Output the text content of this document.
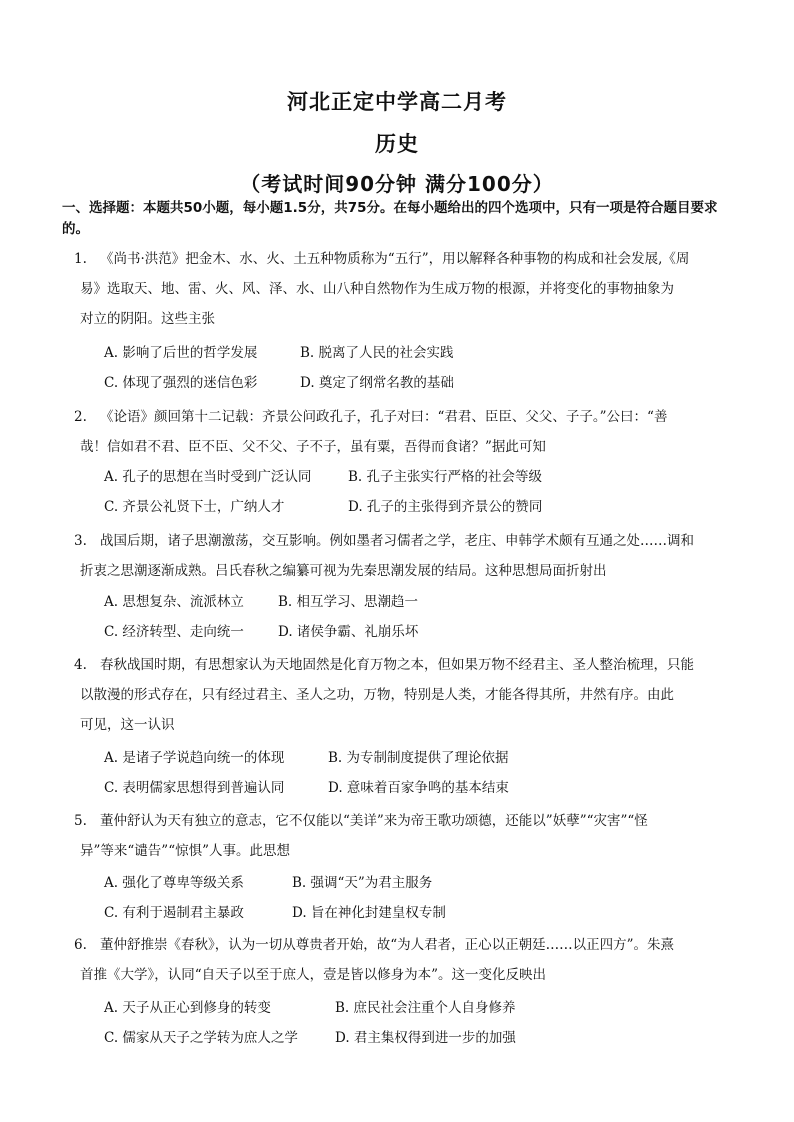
河北正定中学高二月考
历史
（考试时间90分钟 满分100分）
一、选择题：本题共50小题，每小题1.5分，共75分。在每小题给出的四个选项中，只有一项是符合题目要求的。
1. 《尚书·洪范》把金木、水、火、土五种物质称为“五行”，用以解释各种事物的构成和社会发展,《周

易》选取天、地、雷、火、风、泽、水、山八种自然物作为生成万物的根源，并将变化的事物抽象为

对立的阴阳。这些主张

A. 影响了后世的哲学发展	B. 脱离了人民的社会实践
C. 体现了强烈的迷信色彩	D. 奠定了纲常名教的基础
2. 《论语》颜回第十二记载：齐景公问政孔子，孔子对曰：“君君、臣臣、父父、子子。”公曰：“善

哉！信如君不君、臣不臣、父不父、子不子，虽有粟，吾得而食诸？”据此可知

A. 孔子的思想在当时受到广泛认同	B. 孔子主张实行严格的社会等级
C. 齐景公礼贤下士，广纳人才	D. 孔子的主张得到齐景公的赞同
3. 战国后期，诸子思潮激荡，交互影响。例如墨者习儒者之学，老庄、申韩学术颇有互通之处……调和

折衷之思潮逐渐成熟。吕氏春秋之编纂可视为先秦思潮发展的结局。这种思想局面折射出

A. 思想复杂、流派林立	B. 相互学习、思潮趋一
C. 经济转型、走向统一	D. 诸侯争霸、礼崩乐坏
4. 春秋战国时期，有思想家认为天地固然是化育万物之本，但如果万物不经君主、圣人整治梳理，只能

以散漫的形式存在，只有经过君主、圣人之功，万物，特别是人类，才能各得其所，井然有序。由此

可见，这一认识

A. 是诸子学说趋向统一的体现	B. 为专制制度提供了理论依据
C. 表明儒家思想得到普遍认同	D. 意味着百家争鸣的基本结束
5. 董仲舒认为天有独立的意志，它不仅能以“美详”来为帝王歌功颂德，还能以”妖孽”“灾害”“怪

异”等来“谴告”“惊惧”人事。此思想

A. 强化了尊卑等级关系	B. 强调“天”为君主服务
C. 有利于遏制君主暴政	D. 旨在神化封建皇权专制
6. 董仲舒推崇《春秋》，认为一切从尊贵者开始，故“为人君者，正心以正朝廷……以正四方”。朱熹

首推《大学》，认同“自天子以至于庶人，壹是皆以修身为本”。这一变化反映出

A. 天子从正心到修身的转变	B. 庶民社会注重个人自身修养
C. 儒家从天子之学转为庶人之学	D. 君主集权得到进一步的加强
